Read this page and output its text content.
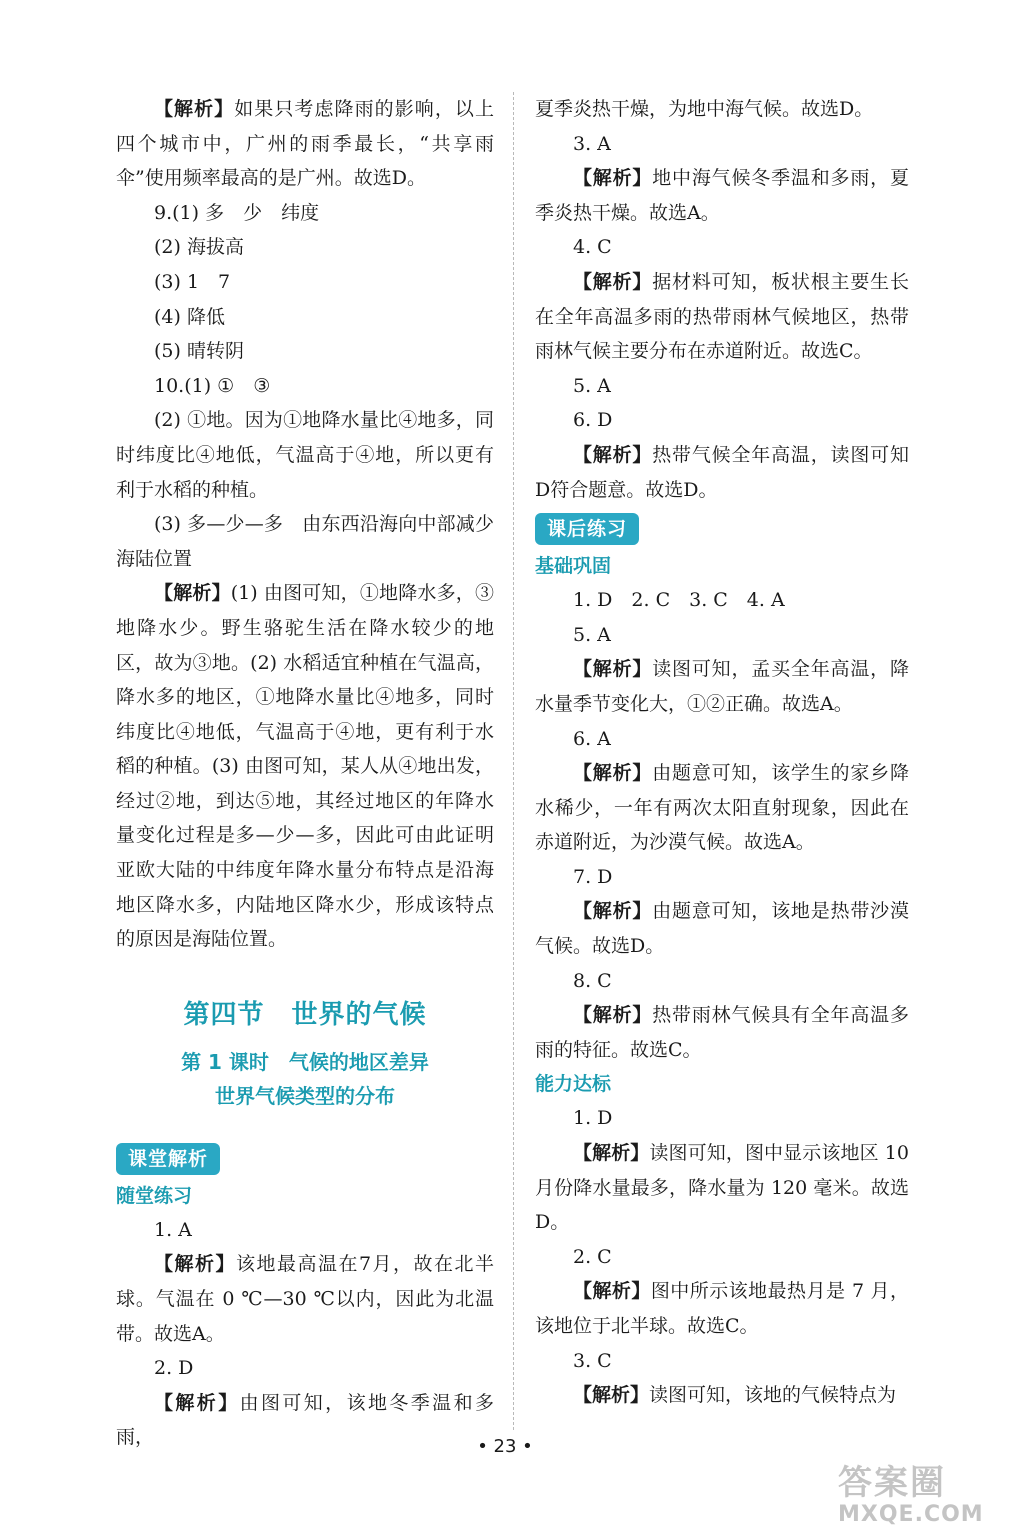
【解析】如果只考虑降雨的影响，以上四个城市中，广州的雨季最长，“共享雨伞”使用频率最高的是广州。故选D。

9.(1) 多　少　纬度

(2) 海拔高

(3) 1　7

(4) 降低

(5) 晴转阴

10.(1) ①　③

(2) ①地。因为①地降水量比④地多，同时纬度比④地低，气温高于④地，所以更有利于水稻的种植。

(3) 多—少—多　由东西沿海向中部减少　海陆位置

【解析】(1) 由图可知，①地降水多，③地降水少。野生骆驼生活在降水较少的地区，故为③地。(2) 水稻适宜种植在气温高，降水多的地区，①地降水量比④地多，同时纬度比④地低，气温高于④地，更有利于水稻的种植。(3) 由图可知，某人从④地出发，经过②地，到达⑤地，其经过地区的年降水量变化过程是多—少—多，因此可由此证明亚欧大陆的中纬度年降水量分布特点是沿海地区降水多，内陆地区降水少，形成该特点的原因是海陆位置。

第四节　世界的气候

第 1 课时　气候的地区差异

世界气候类型的分布

课堂解析

随堂练习

1. A

【解析】该地最高温在7月，故在北半球。气温在 0 ℃—30 ℃以内，因此为北温带。故选A。

2. D

【解析】由图可知，该地冬季温和多雨，

夏季炎热干燥，为地中海气候。故选D。

3. A

【解析】地中海气候冬季温和多雨，夏季炎热干燥。故选A。

4. C

【解析】据材料可知，板状根主要生长在全年高温多雨的热带雨林气候地区，热带雨林气候主要分布在赤道附近。故选C。

5. A

6. D

【解析】热带气候全年高温，读图可知D符合题意。故选D。

课后练习

基础巩固

1. D　2. C　3. C　4. A

5. A

【解析】读图可知，孟买全年高温，降水量季节变化大，①②正确。故选A。

6. A

【解析】由题意可知，该学生的家乡降水稀少，一年有两次太阳直射现象，因此在赤道附近，为沙漠气候。故选A。

7. D

【解析】由题意可知，该地是热带沙漠气候。故选D。

8. C

【解析】热带雨林气候具有全年高温多雨的特征。故选C。

能力达标

1. D

【解析】读图可知，图中显示该地区 10 月份降水量最多，降水量为 120 毫米。故选D。

2. C

【解析】图中所示该地最热月是 7 月，该地位于北半球。故选C。

3. C

【解析】读图可知，该地的气候特点为

• 23 •
答案圈
MXQE.COM
